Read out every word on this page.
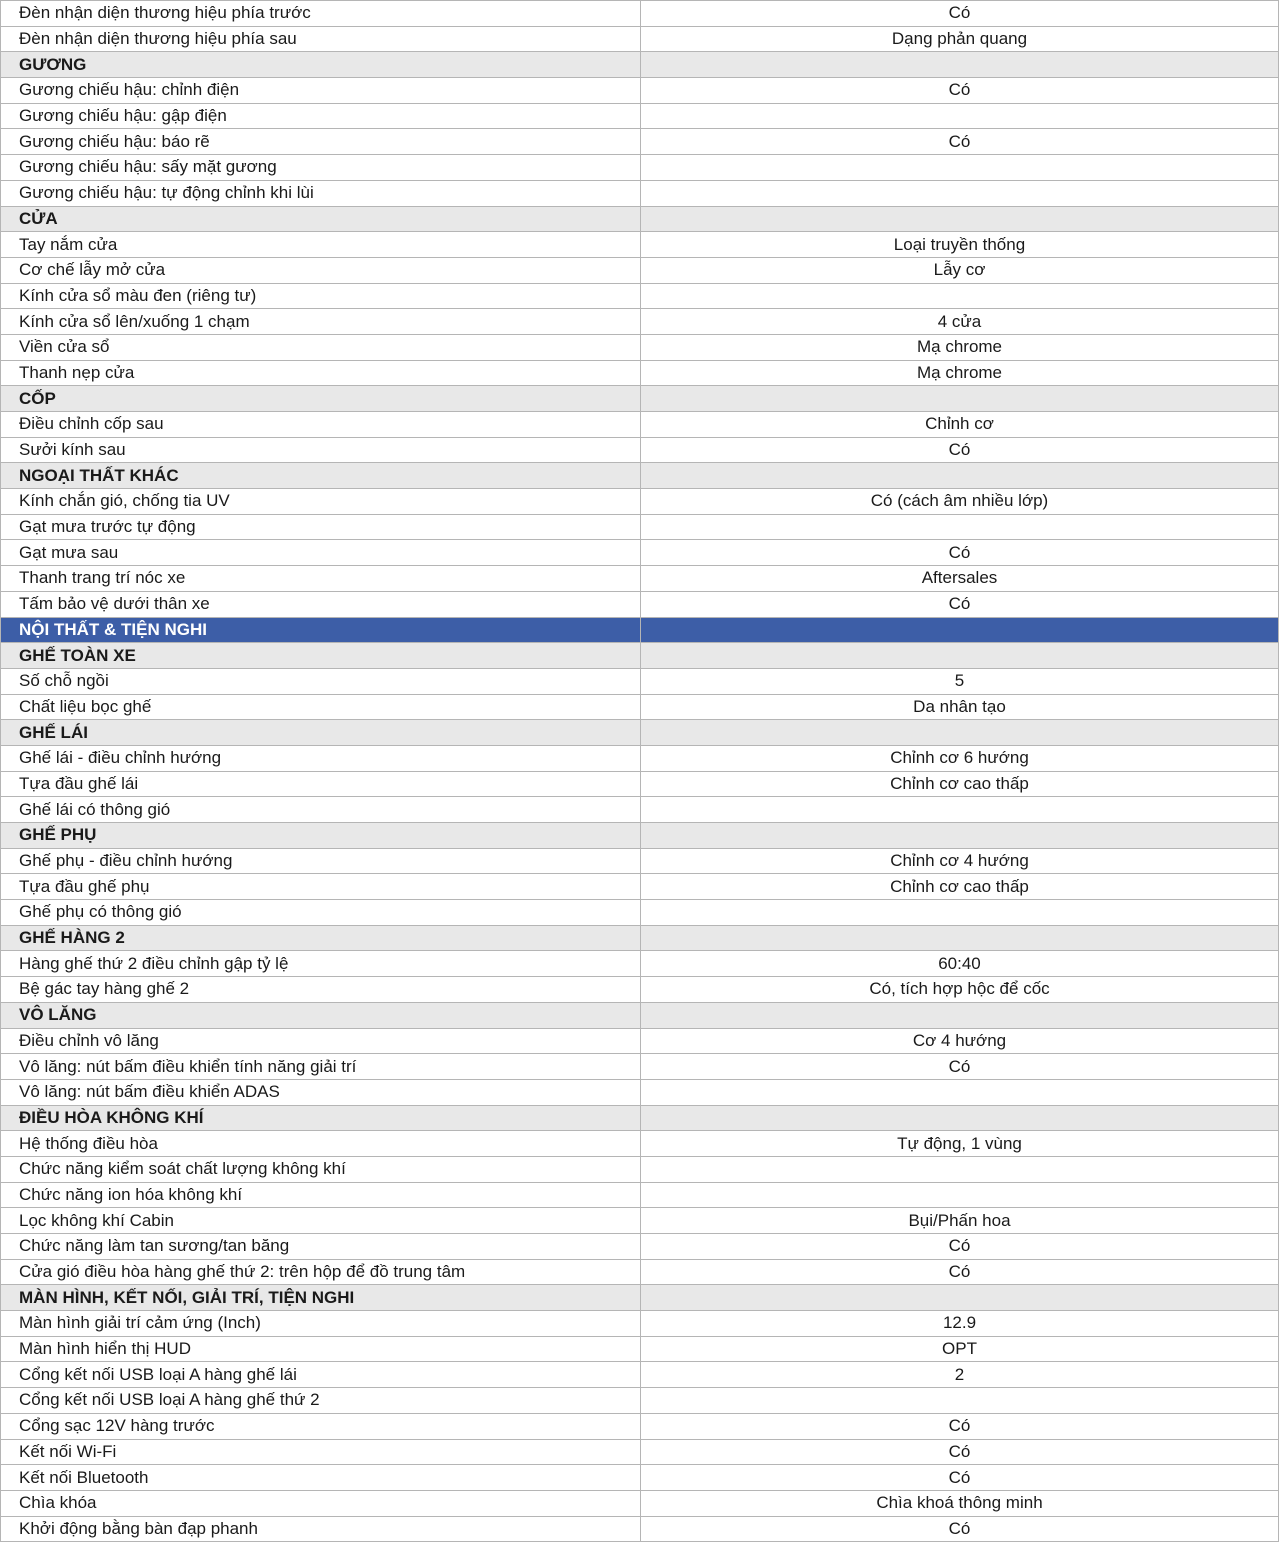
Đèn nhận diện thương hiệu phía trước	Có
Đèn nhận diện thương hiệu phía sau	Dạng phản quang
GƯƠNG	
Gương chiếu hậu: chỉnh điện	Có
Gương chiếu hậu: gập điện	
Gương chiếu hậu: báo rẽ	Có
Gương chiếu hậu: sấy mặt gương	
Gương chiếu hậu: tự động chỉnh khi lùi	
CỬA	
Tay nắm cửa	Loại truyền thống
Cơ chế lẫy mở cửa	Lẫy cơ
Kính cửa sổ màu đen (riêng tư)	
Kính cửa sổ lên/xuống 1 chạm	4 cửa
Viền cửa sổ	Mạ chrome
Thanh nẹp cửa	Mạ chrome
CỐP	
Điều chỉnh cốp sau	Chỉnh cơ
Sưởi kính sau	Có
NGOẠI THẤT KHÁC	
Kính chắn gió, chống tia UV	Có (cách âm nhiều lớp)
Gạt mưa trước tự động	
Gạt mưa sau	Có
Thanh trang trí nóc xe	Aftersales
Tấm bảo vệ dưới thân xe	Có
NỘI THẤT & TIỆN NGHI	
GHẾ TOÀN XE	
Số chỗ ngồi	5
Chất liệu bọc ghế	Da nhân tạo
GHẾ LÁI	
Ghế lái - điều chỉnh hướng	Chỉnh cơ 6 hướng
Tựa đầu ghế lái	Chỉnh cơ cao thấp
Ghế lái có thông gió	
GHẾ PHỤ	
Ghế phụ - điều chỉnh hướng	Chỉnh cơ 4 hướng
Tựa đầu ghế phụ	Chỉnh cơ cao thấp
Ghế phụ có thông gió	
GHẾ HÀNG 2	
Hàng ghế thứ 2 điều chỉnh gập tỷ lệ	60:40
Bệ gác tay hàng ghế 2	Có, tích hợp hộc để cốc
VÔ LĂNG	
Điều chỉnh vô lăng	Cơ 4 hướng
Vô lăng: nút bấm điều khiển tính năng giải trí	Có
Vô lăng: nút bấm điều khiển ADAS	
ĐIỀU HÒA KHÔNG KHÍ	
Hệ thống điều hòa	Tự động, 1 vùng
Chức năng kiểm soát chất lượng không khí	
Chức năng ion hóa không khí	
Lọc không khí Cabin	Bụi/Phấn hoa
Chức năng làm tan sương/tan băng	Có
Cửa gió điều hòa hàng ghế thứ 2: trên hộp để đồ trung tâm	Có
MÀN HÌNH, KẾT NỐI, GIẢI TRÍ, TIỆN NGHI	
Màn hình giải trí cảm ứng (Inch)	12.9
Màn hình hiển thị HUD	OPT
Cổng kết nối USB loại A hàng ghế lái	2
Cổng kết nối USB loại A hàng ghế thứ 2	
Cổng sạc 12V hàng trước	Có
Kết nối Wi-Fi	Có
Kết nối Bluetooth	Có
Chìa khóa	Chìa khoá thông minh
Khởi động bằng bàn đạp phanh	Có
